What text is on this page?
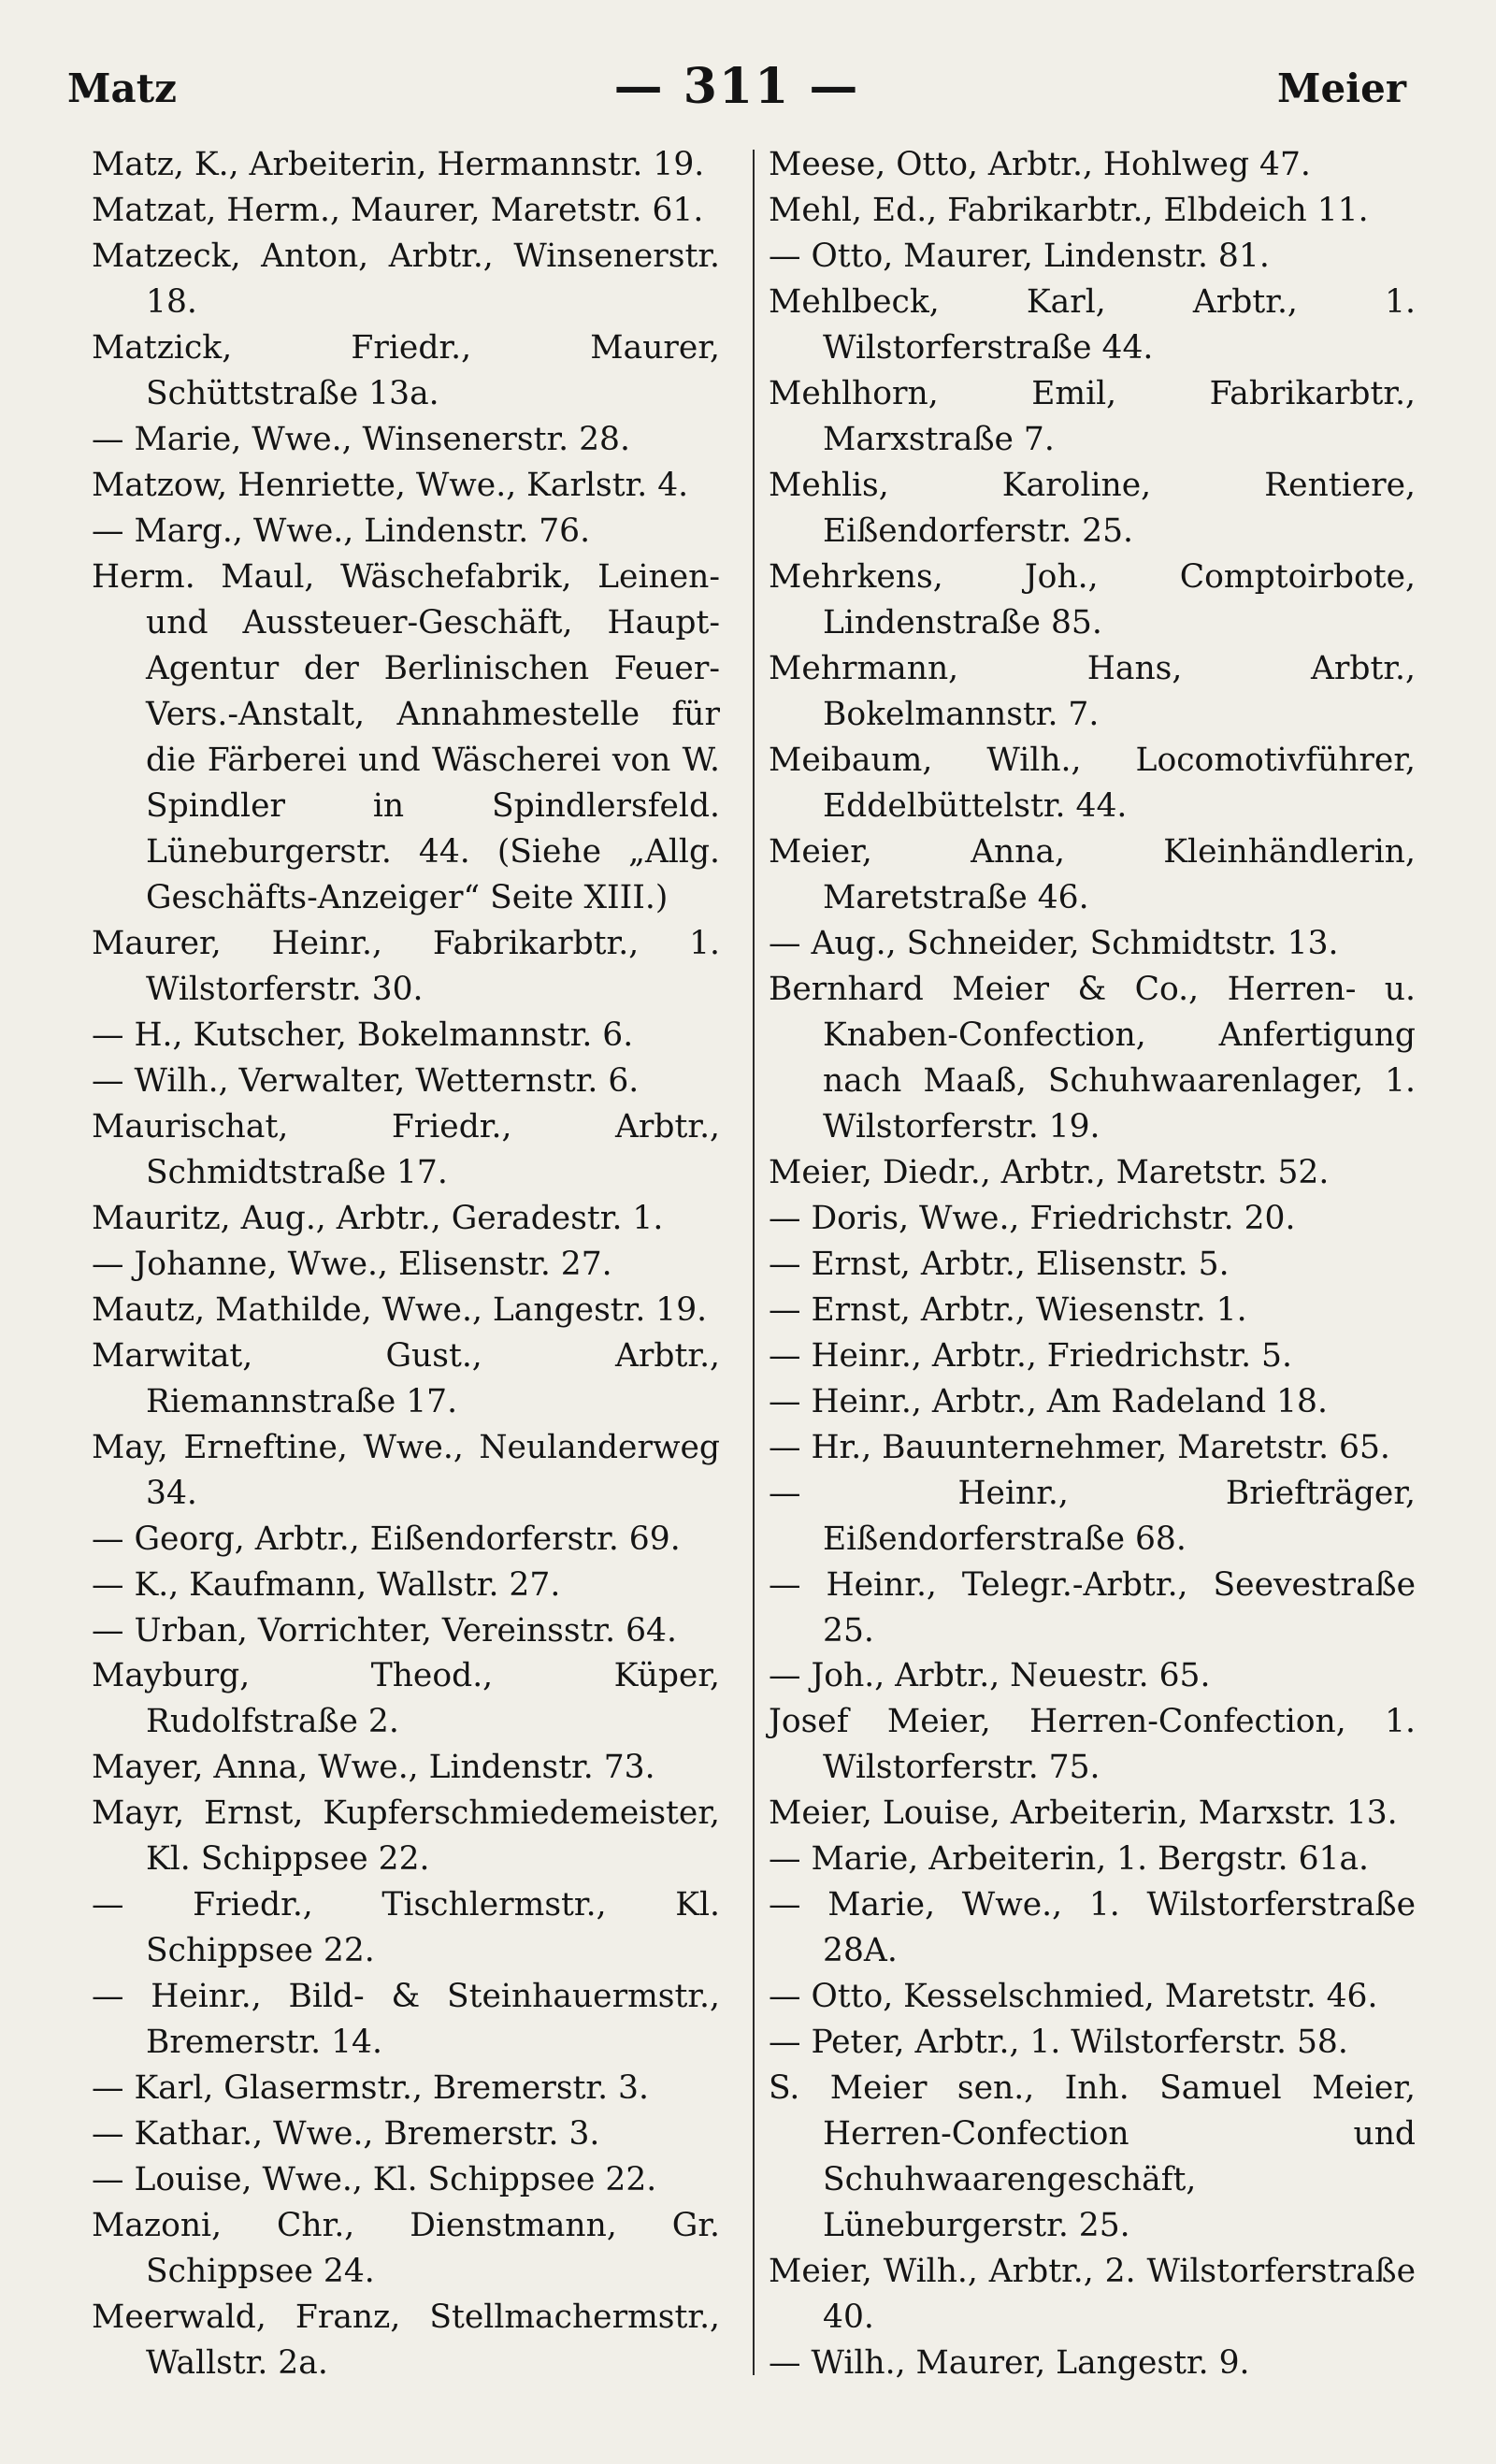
Matz	— 311 —	Meier
Matz, K., Arbeiterin, Hermannstr. 19.
Matzat, Herm., Maurer, Maretstr. 61.
Matzeck, Anton, Arbtr., Winsenerstr. 18.
Matzick, Friedr., Maurer, Schüttstraße 13a.
— Marie, Wwe., Winsenerstr. 28.
Matzow, Henriette, Wwe., Karlstr. 4.
— Marg., Wwe., Lindenstr. 76.
Herm. Maul, Wäschefabrik, Leinen- und Aussteuer-Geschäft, Haupt-Agentur der Berlinischen Feuer-Vers.-Anstalt, Annahmestelle für die Färberei und Wäscherei von W. Spindler in Spindlersfeld. Lüneburgerstr. 44. (Siehe „Allg. Geschäfts-Anzeiger“ Seite XIII.)
Maurer, Heinr., Fabrikarbtr., 1. Wilstorferstr. 30.
— H., Kutscher, Bokelmannstr. 6.
— Wilh., Verwalter, Wetternstr. 6.
Maurischat, Friedr., Arbtr., Schmidtstraße 17.
Mauritz, Aug., Arbtr., Geradestr. 1.
— Johanne, Wwe., Elisenstr. 27.
Mautz, Mathilde, Wwe., Langestr. 19.
Marwitat, Gust., Arbtr., Riemannstraße 17.
May, Erneftine, Wwe., Neulanderweg 34.
— Georg, Arbtr., Eißendorferstr. 69.
— K., Kaufmann, Wallstr. 27.
— Urban, Vorrichter, Vereinsstr. 64.
Mayburg, Theod., Küper, Rudolfstraße 2.
Mayer, Anna, Wwe., Lindenstr. 73.
Mayr, Ernst, Kupferschmiedemeister, Kl. Schippsee 22.
— Friedr., Tischlermstr., Kl. Schippsee 22.
— Heinr., Bild- & Steinhauermstr., Bremerstr. 14.
— Karl, Glasermstr., Bremerstr. 3.
— Kathar., Wwe., Bremerstr. 3.
— Louise, Wwe., Kl. Schippsee 22.
Mazoni, Chr., Dienstmann, Gr. Schippsee 24.
Meerwald, Franz, Stellmachermstr., Wallstr. 2a.
Meese, Otto, Arbtr., Hohlweg 47.
Mehl, Ed., Fabrikarbtr., Elbdeich 11.
— Otto, Maurer, Lindenstr. 81.
Mehlbeck, Karl, Arbtr., 1. Wilstorferstraße 44.
Mehlhorn, Emil, Fabrikarbtr., Marxstraße 7.
Mehlis, Karoline, Rentiere, Eißendorferstr. 25.
Mehrkens, Joh., Comptoirbote, Lindenstraße 85.
Mehrmann, Hans, Arbtr., Bokelmannstr. 7.
Meibaum, Wilh., Locomotivführer, Eddelbüttelstr. 44.
Meier, Anna, Kleinhändlerin, Maretstraße 46.
— Aug., Schneider, Schmidtstr. 13.
Bernhard Meier & Co., Herren- u. Knaben-Confection, Anfertigung nach Maaß, Schuhwaarenlager, 1. Wilstorferstr. 19.
Meier, Diedr., Arbtr., Maretstr. 52.
— Doris, Wwe., Friedrichstr. 20.
— Ernst, Arbtr., Elisenstr. 5.
— Ernst, Arbtr., Wiesenstr. 1.
— Heinr., Arbtr., Friedrichstr. 5.
— Heinr., Arbtr., Am Radeland 18.
— Hr., Bauunternehmer, Maretstr. 65.
— Heinr., Briefträger, Eißendorferstraße 68.
— Heinr., Telegr.-Arbtr., Seevestraße 25.
— Joh., Arbtr., Neuestr. 65.
Josef Meier, Herren-Confection, 1. Wilstorferstr. 75.
Meier, Louise, Arbeiterin, Marxstr. 13.
— Marie, Arbeiterin, 1. Bergstr. 61a.
— Marie, Wwe., 1. Wilstorferstraße 28A.
— Otto, Kesselschmied, Maretstr. 46.
— Peter, Arbtr., 1. Wilstorferstr. 58.
S. Meier sen., Inh. Samuel Meier, Herren-Confection und Schuhwaarengeschäft, Lüneburgerstr. 25.
Meier, Wilh., Arbtr., 2. Wilstorferstraße 40.
— Wilh., Maurer, Langestr. 9.
